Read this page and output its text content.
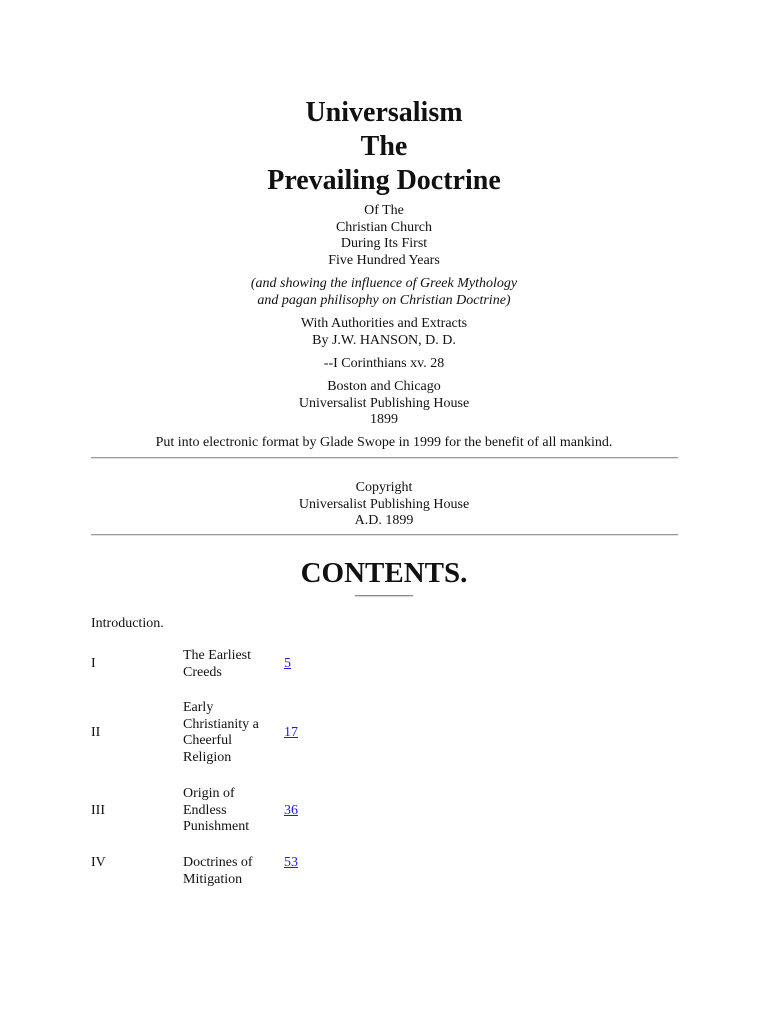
Universalism
The
Prevailing Doctrine
Of The
Christian Church
During Its First
Five Hundred Years
(and showing the influence of Greek Mythology
and pagan philisophy on Christian Doctrine)
With Authorities and Extracts
By J.W. HANSON, D. D.
--I Corinthians xv. 28
Boston and Chicago
Universalist Publishing House
1899
Put into electronic format by Glade Swope in 1999 for the benefit of all mankind.
Copyright
Universalist Publishing House
A.D. 1899
CONTENTS.
Introduction.
I
The Earliest
Creeds
5
II
Early
Christianity a
Cheerful
Religion
17
III
Origin of
Endless
Punishment
36
IV	Doctrines of
Mitigation
53
